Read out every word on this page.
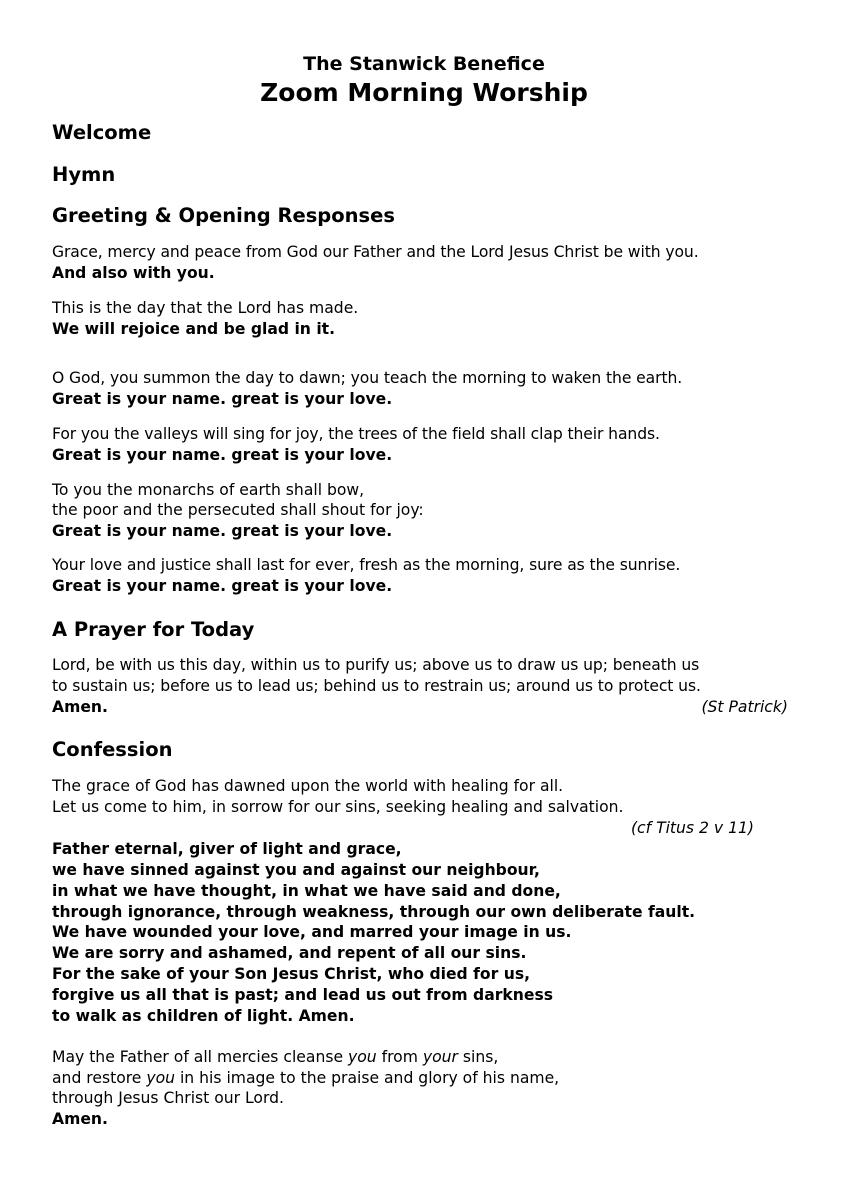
The Stanwick Benefice
Zoom Morning Worship
Welcome
Hymn
Greeting & Opening Responses
Grace, mercy and peace from God our Father and the Lord Jesus Christ be with you.
And also with you.
This is the day that the Lord has made.
We will rejoice and be glad in it.
O God, you summon the day to dawn; you teach the morning to waken the earth.
Great is your name. great is your love.
For you the valleys will sing for joy, the trees of the field shall clap their hands.
Great is your name. great is your love.
To you the monarchs of earth shall bow,
the poor and the persecuted shall shout for joy:
Great is your name. great is your love.
Your love and justice shall last for ever, fresh as the morning, sure as the sunrise.
Great is your name. great is your love.
A Prayer for Today
Lord, be with us this day, within us to purify us; above us to draw us up; beneath us
to sustain us; before us to lead us; behind us to restrain us; around us to protect us.
Amen.	(St Patrick)
Confession
The grace of God has dawned upon the world with healing for all.
Let us come to him, in sorrow for our sins, seeking healing and salvation.
(cf Titus 2 v 11)
Father eternal, giver of light and grace,
we have sinned against you and against our neighbour,
in what we have thought, in what we have said and done,
through ignorance, through weakness, through our own deliberate fault.
We have wounded your love, and marred your image in us.
We are sorry and ashamed, and repent of all our sins.
For the sake of your Son Jesus Christ, who died for us,
forgive us all that is past; and lead us out from darkness
to walk as children of light. Amen.
May the Father of all mercies cleanse you from your sins,
and restore you in his image to the praise and glory of his name,
through Jesus Christ our Lord.
Amen.
